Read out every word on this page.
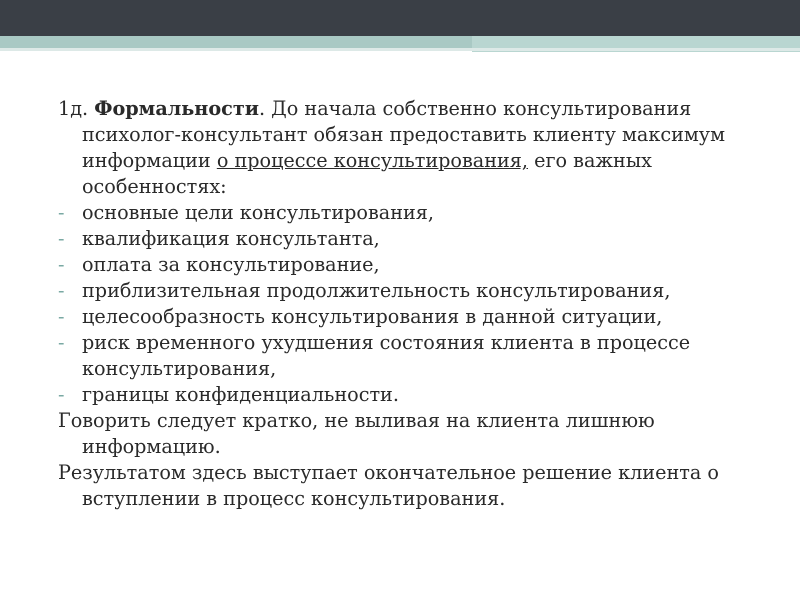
1д. Формальности. До начала собственно консультирования психолог-консультант обязан предоставить клиенту максимум информации о процессе консультирования, его важных особенностях:

- основные цели консультирования,

- квалификация консультанта,

- оплата за консультирование,

- приблизительная продолжительность консультирования,

- целесообразность консультирования в данной ситуации,

- риск временного ухудшения состояния клиента в процессе консультирования,

- границы конфиденциальности.

Говорить следует кратко, не выливая на клиента лишнюю информацию.

Результатом здесь выступает окончательное решение клиента о вступлении в процесс консультирования.
